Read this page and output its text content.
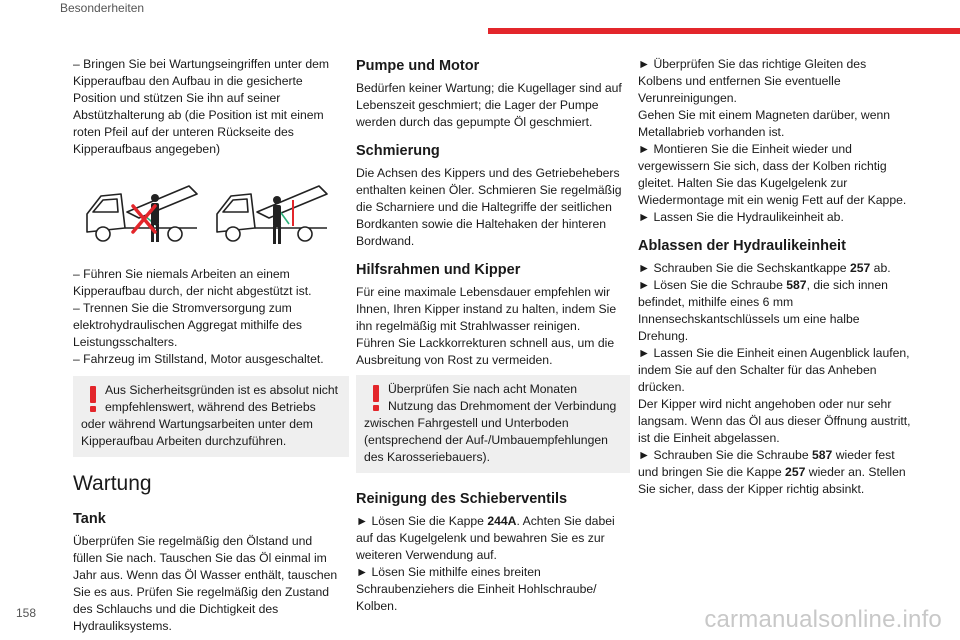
Besonderheiten

– Bringen Sie bei Wartungseingriffen unter dem Kipperaufbau den Aufbau in die gesicherte Position und stützen Sie ihn auf seiner Abstützhalterung ab (die Position ist mit einem roten Pfeil auf der unteren Rückseite des Kipperaufbaus angegeben)

– Führen Sie niemals Arbeiten an einem Kipperaufbau durch, der nicht abgestützt ist.

– Trennen Sie die Stromversorgung zum elektrohydraulischen Aggregat mithilfe des Leistungsschalters.

– Fahrzeug im Stillstand, Motor ausgeschaltet.

Aus Sicherheitsgründen ist es absolut nicht empfehlenswert, während des Betriebs
oder während Wartungsarbeiten unter dem Kipperaufbau Arbeiten durchzuführen.
Wartung
Tank

Überprüfen Sie regelmäßig den Ölstand und füllen Sie nach. Tauschen Sie das Öl einmal im Jahr aus. Wenn das Öl Wasser enthält, tauschen Sie es aus. Prüfen Sie regelmäßig den Zustand des Schlauchs und die Dichtigkeit des Hydrauliksystems.

Pumpe und Motor

Bedürfen keiner Wartung; die Kugellager sind auf Lebenszeit geschmiert; die Lager der Pumpe werden durch das gepumpte Öl geschmiert.

Schmierung

Die Achsen des Kippers und des Getriebehebers enthalten keinen Öler. Schmieren Sie regelmäßig die Scharniere und die Haltegriffe der seitlichen Bordkanten sowie die Haltehaken der hinteren Bordwand.

Hilfsrahmen und Kipper

Für eine maximale Lebensdauer empfehlen wir Ihnen, Ihren Kipper instand zu halten, indem Sie ihn regelmäßig mit Strahlwasser reinigen.

Führen Sie Lackkorrekturen schnell aus, um die Ausbreitung von Rost zu vermeiden.

Überprüfen Sie nach acht Monaten Nutzung das Drehmoment der Verbindung
zwischen Fahrgestell und Unterboden (entsprechend der Auf-/Umbauempfehlungen des Karosseriebauers).
Reinigung des Schieberventils

► Lösen Sie die Kappe 244A. Achten Sie dabei auf das Kugelgelenk und bewahren Sie es zur weiteren Verwendung auf.

► Lösen Sie mithilfe eines breiten Schraubenziehers die Einheit Hohlschraube/ Kolben.

► Überprüfen Sie das richtige Gleiten des Kolbens und entfernen Sie eventuelle Verunreinigungen.

Gehen Sie mit einem Magneten darüber, wenn Metallabrieb vorhanden ist.

► Montieren Sie die Einheit wieder und vergewissern Sie sich, dass der Kolben richtig gleitet. Halten Sie das Kugelgelenk zur Wiedermontage mit ein wenig Fett auf der Kappe.

► Lassen Sie die Hydraulikeinheit ab.

Ablassen der Hydraulikeinheit

► Schrauben Sie die Sechskantkappe 257 ab.

► Lösen Sie die Schraube 587, die sich innen befindet, mithilfe eines 6 mm Innensechskantschlüssels um eine halbe Drehung.

► Lassen Sie die Einheit einen Augenblick laufen, indem Sie auf den Schalter für das Anheben drücken.

Der Kipper wird nicht angehoben oder nur sehr langsam. Wenn das Öl aus dieser Öffnung austritt, ist die Einheit abgelassen.

► Schrauben Sie die Schraube 587 wieder fest und bringen Sie die Kappe 257 wieder an. Stellen Sie sicher, dass der Kipper richtig absinkt.

158	carmanualsonline.info
